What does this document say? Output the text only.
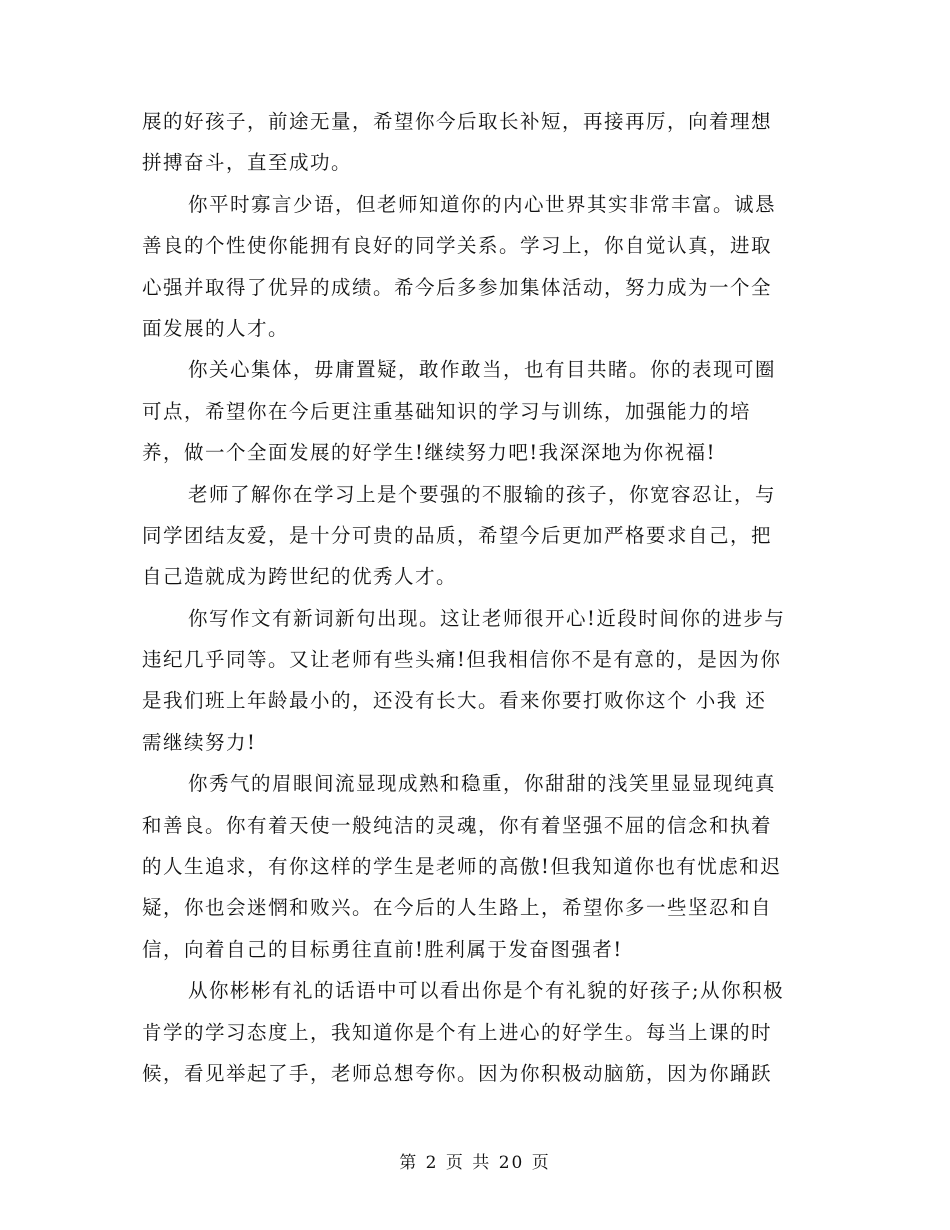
展的好孩子，前途无量，希望你今后取长补短，再接再厉，向着理想
拼搏奋斗，直至成功。
你平时寡言少语，但老师知道你的内心世界其实非常丰富。诚恳
善良的个性使你能拥有良好的同学关系。学习上，你自觉认真，进取
心强并取得了优异的成绩。希今后多参加集体活动，努力成为一个全
面发展的人才。
你关心集体，毋庸置疑，敢作敢当，也有目共睹。你的表现可圈
可点，希望你在今后更注重基础知识的学习与训练，加强能力的培
养，做一个全面发展的好学生!继续努力吧!我深深地为你祝福!
老师了解你在学习上是个要强的不服输的孩子，你宽容忍让，与
同学团结友爱，是十分可贵的品质，希望今后更加严格要求自己，把
自己造就成为跨世纪的优秀人才。
你写作文有新词新句出现。这让老师很开心!近段时间你的进步与
违纪几乎同等。又让老师有些头痛!但我相信你不是有意的，是因为你
是我们班上年龄最小的，还没有长大。看来你要打败你这个 小我 还
需继续努力!
你秀气的眉眼间流显现成熟和稳重，你甜甜的浅笑里显显现纯真
和善良。你有着天使一般纯洁的灵魂，你有着坚强不屈的信念和执着
的人生追求，有你这样的学生是老师的高傲!但我知道你也有忧虑和迟
疑，你也会迷惘和败兴。在今后的人生路上，希望你多一些坚忍和自
信，向着自己的目标勇往直前!胜利属于发奋图强者!
从你彬彬有礼的话语中可以看出你是个有礼貌的好孩子;从你积极
肯学的学习态度上，我知道你是个有上进心的好学生。每当上课的时
候，看见举起了手，老师总想夸你。因为你积极动脑筋，因为你踊跃
第 2 页 共 20 页
